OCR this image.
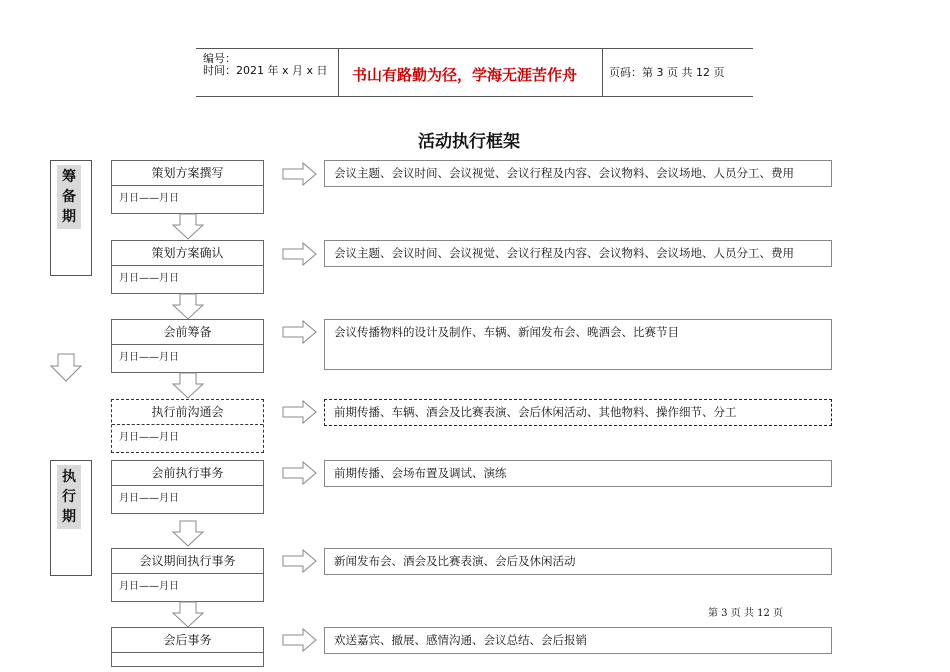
编号：
时间：2021 年 x 月 x 日 书山有路勤为径，学海无涯苦作舟	页码：第 3 页 共 12 页
活动执行框架
筹
备
期
执
行
期
策划方案撰写
月日——月日
会议主题、会议时间、会议视觉、会议行程及内容、会议物料、会议场地、人员分工、费用
策划方案确认
月日——月日
会议主题、会议时间、会议视觉、会议行程及内容、会议物料、会议场地、人员分工、费用
会前筹备
月日——月日
会议传播物料的设计及制作、车辆、新闻发布会、晚酒会、比赛节目
执行前沟通会
月日——月日
前期传播、车辆、酒会及比赛表演、会后休闲活动、其他物料、操作细节、分工
会前执行事务
月日——月日
前期传播、会场布置及调试、演练
会议期间执行事务
月日——月日
新闻发布会、酒会及比赛表演、会后及休闲活动
第 3 页 共 12 页
会后事务	欢送嘉宾、撤展、感情沟通、会议总结、会后报销
